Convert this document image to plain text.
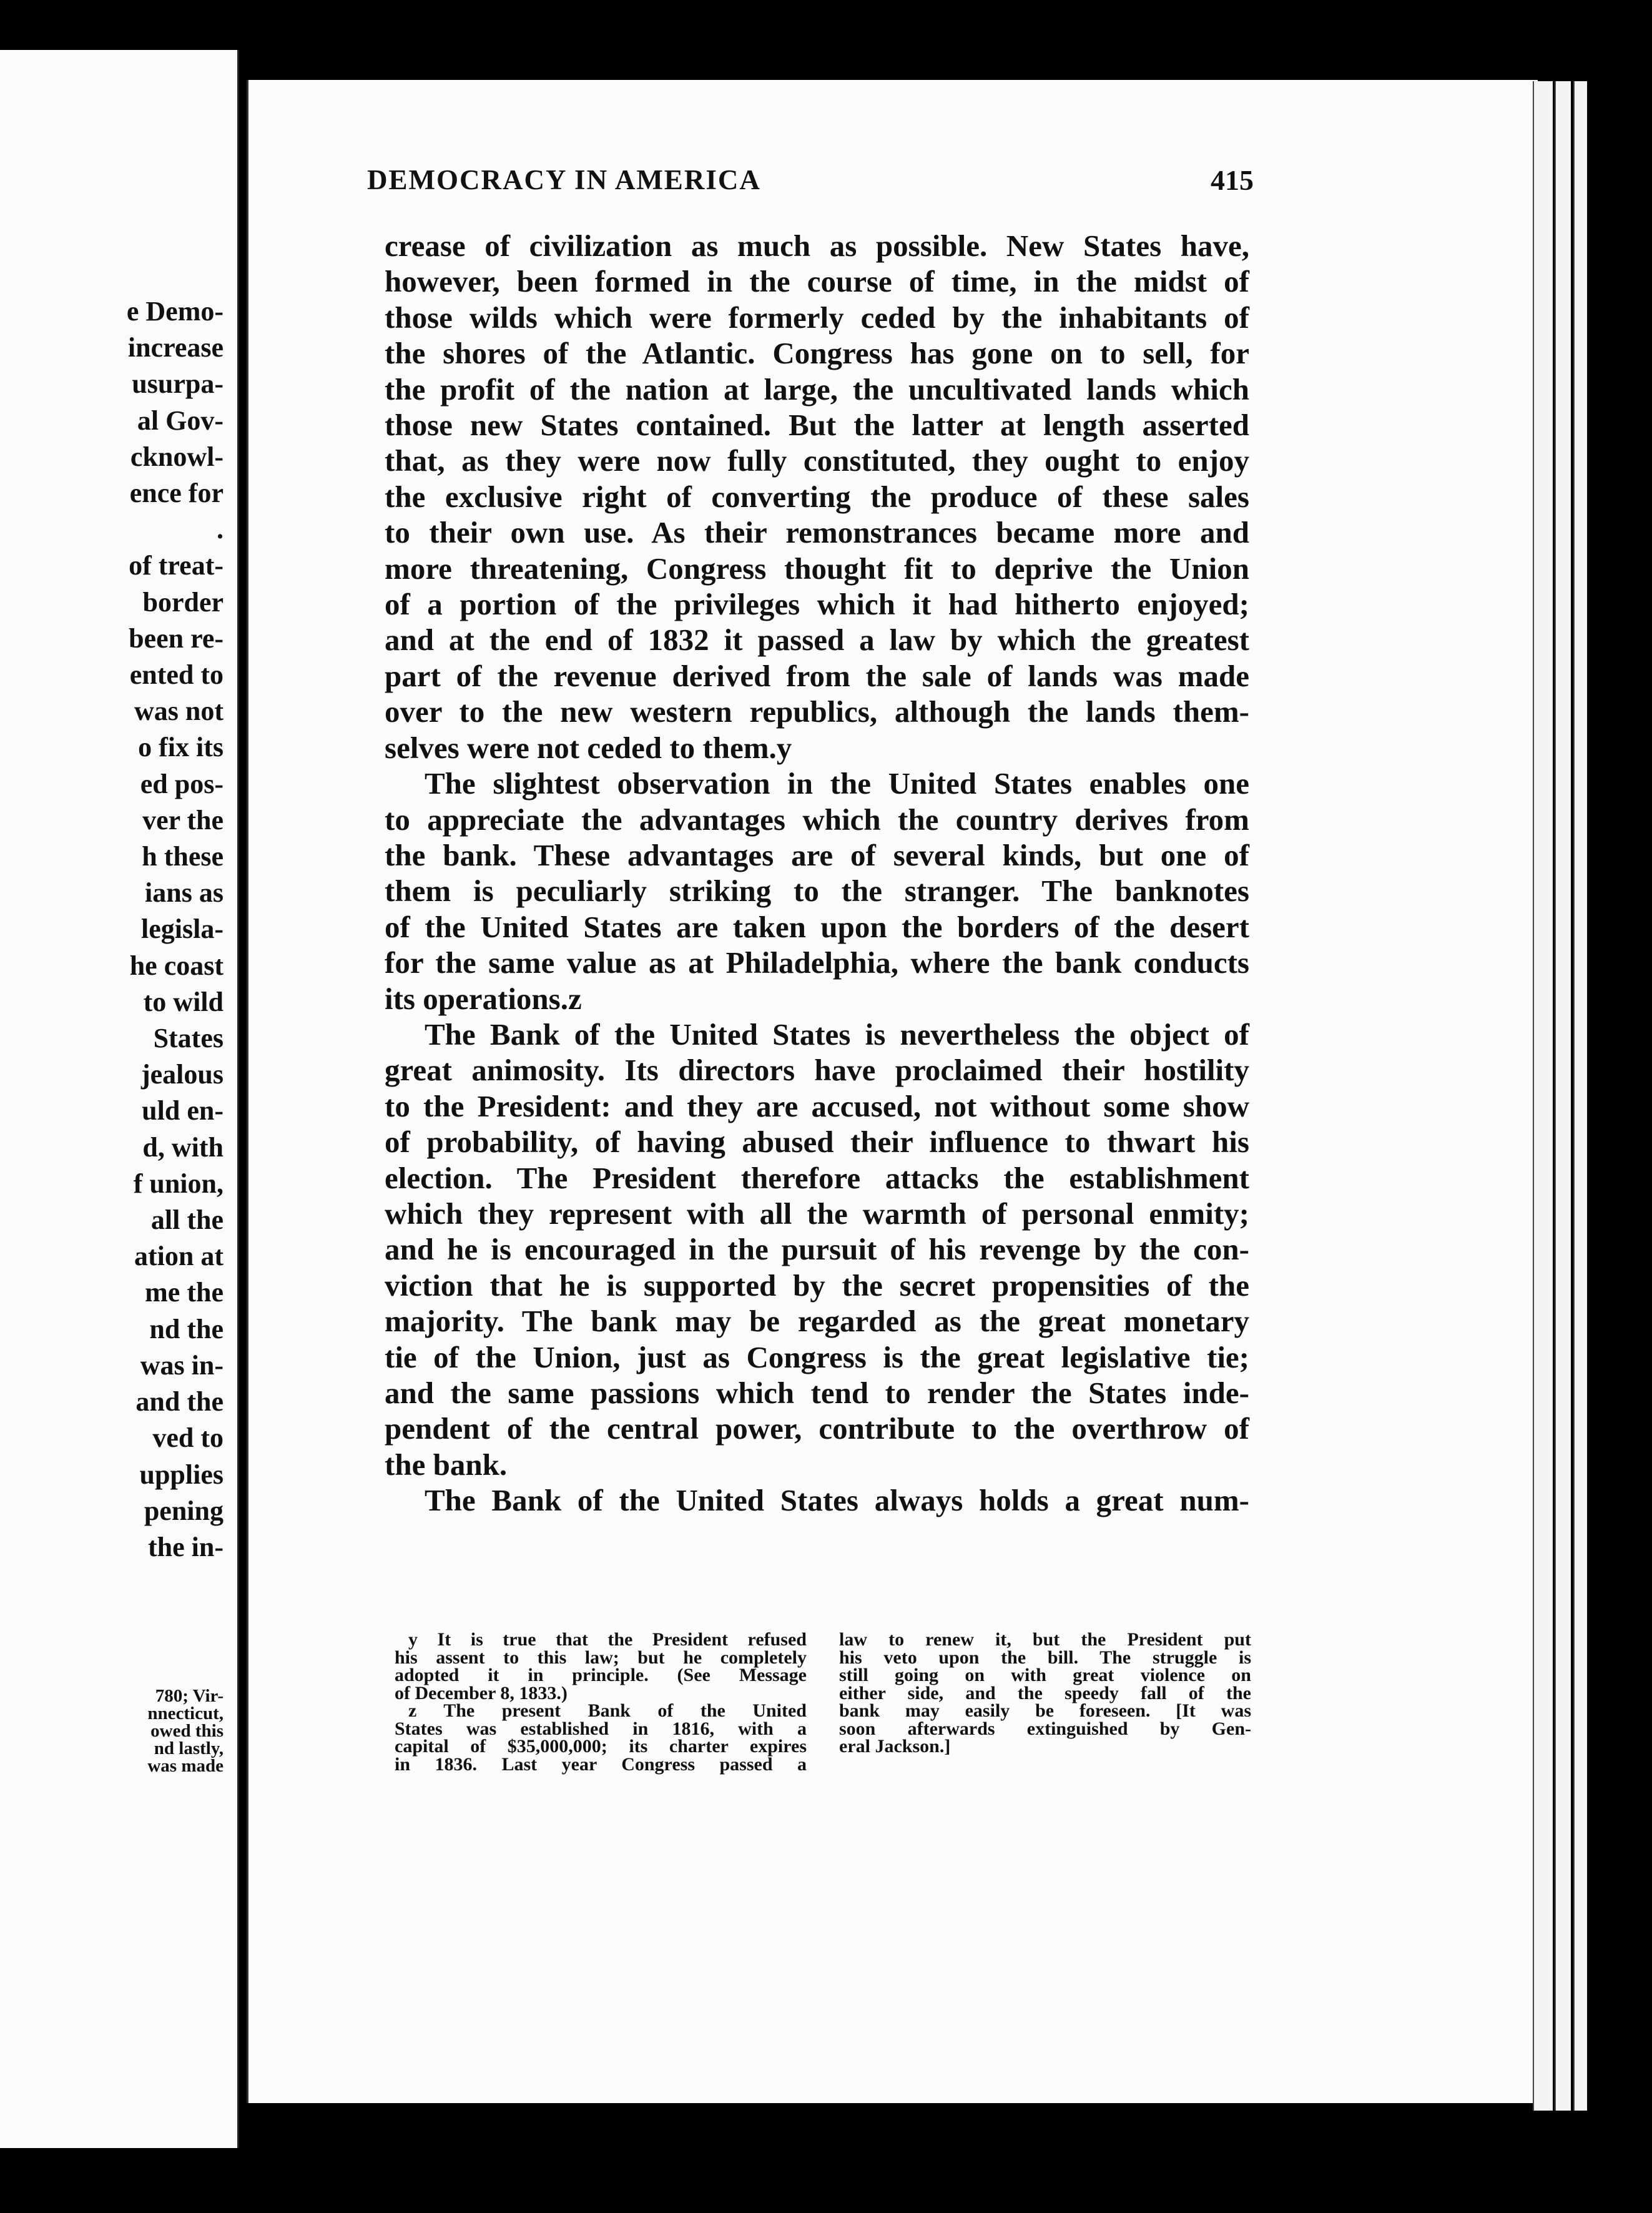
e Demo-
increase
usurpa-
al Gov-
cknowl-
ence for
.
of treat-
border
been re-
ented to
was not
o fix its
ed pos-
ver the
h these
ians as
legisla-
he coast
to wild
States
jealous
uld en-
d, with
f union,
all the
ation at
me the
nd the
was in-
and the
ved to
upplies
pening
the in-
780; Vir-
nnecticut,
owed this
nd lastly,
was made
DEMOCRACY IN AMERICA	415
crease of civilization as much as possible. New States have,
however, been formed in the course of time, in the midst of
those wilds which were formerly ceded by the inhabitants of
the shores of the Atlantic. Congress has gone on to sell, for
the profit of the nation at large, the uncultivated lands which
those new States contained. But the latter at length asserted
that, as they were now fully constituted, they ought to enjoy
the exclusive right of converting the produce of these sales
to their own use. As their remonstrances became more and
more threatening, Congress thought fit to deprive the Union
of a portion of the privileges which it had hitherto enjoyed;
and at the end of 1832 it passed a law by which the greatest
part of the revenue derived from the sale of lands was made
over to the new western republics, although the lands them-
selves were not ceded to them.y
The slightest observation in the United States enables one
to appreciate the advantages which the country derives from
the bank. These advantages are of several kinds, but one of
them is peculiarly striking to the stranger. The banknotes
of the United States are taken upon the borders of the desert
for the same value as at Philadelphia, where the bank conducts
its operations.z
The Bank of the United States is nevertheless the object of
great animosity. Its directors have proclaimed their hostility
to the President: and they are accused, not without some show
of probability, of having abused their influence to thwart his
election. The President therefore attacks the establishment
which they represent with all the warmth of personal enmity;
and he is encouraged in the pursuit of his revenge by the con-
viction that he is supported by the secret propensities of the
majority. The bank may be regarded as the great monetary
tie of the Union, just as Congress is the great legislative tie;
and the same passions which tend to render the States inde-
pendent of the central power, contribute to the overthrow of
the bank.
The Bank of the United States always holds a great num-
y It is true that the President refused
his assent to this law; but he completely
adopted it in principle. (See Message
of December 8, 1833.)
z The present Bank of the United
States was established in 1816, with a
capital of $35,000,000; its charter expires
in 1836. Last year Congress passed a
law to renew it, but the President put
his veto upon the bill. The struggle is
still going on with great violence on
either side, and the speedy fall of the
bank may easily be foreseen. [It was
soon afterwards extinguished by Gen-
eral Jackson.]
